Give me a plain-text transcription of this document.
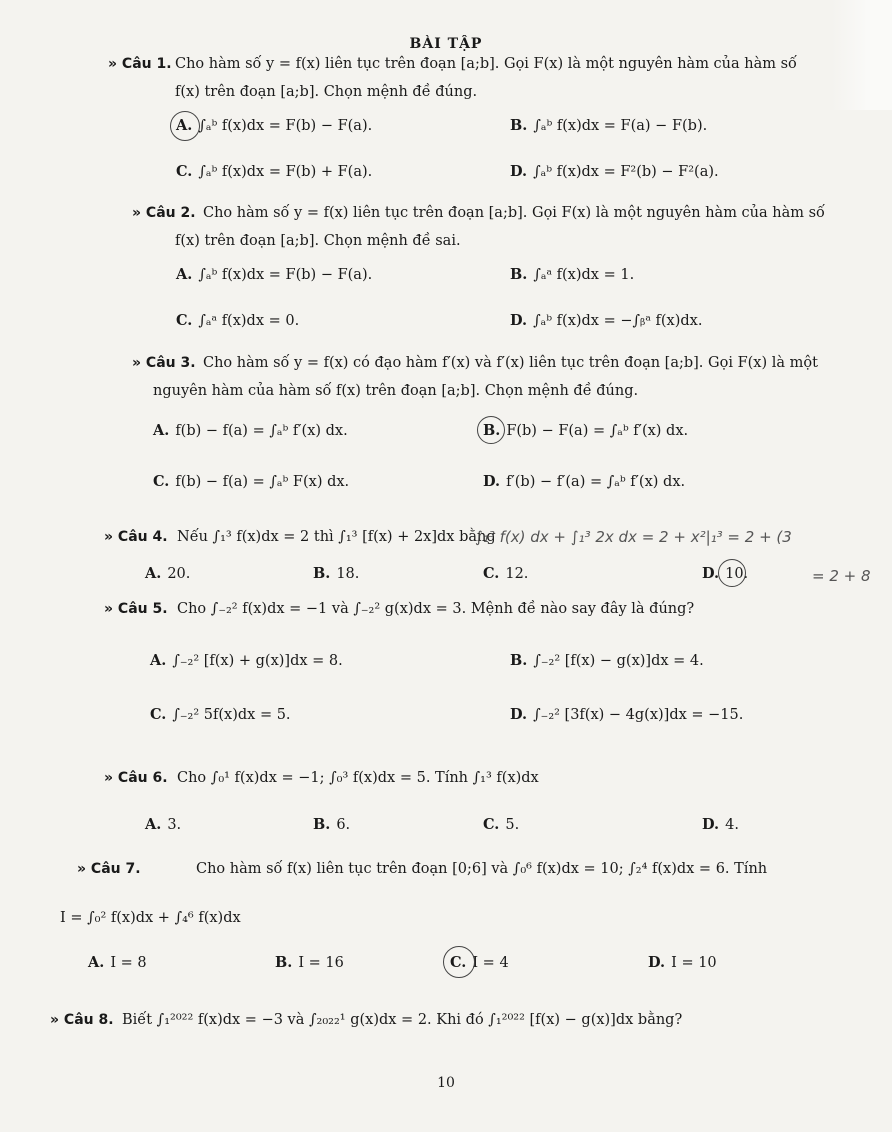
BÀI TẬP
» Câu 1. Cho hàm số y = f(x) liên tục trên đoạn [a;b]. Gọi F(x) là một nguyên hàm của hàm số
f(x) trên đoạn [a;b]. Chọn mệnh đề đúng.
A. ∫ₐᵇ f(x)dx = F(b) − F(a).	B. ∫ₐᵇ f(x)dx = F(a) − F(b).
C. ∫ₐᵇ f(x)dx = F(b) + F(a).	D. ∫ₐᵇ f(x)dx = F²(b) − F²(a).
» Câu 2. Cho hàm số y = f(x) liên tục trên đoạn [a;b]. Gọi F(x) là một nguyên hàm của hàm số
f(x) trên đoạn [a;b]. Chọn mệnh đề sai.
A. ∫ₐᵇ f(x)dx = F(b) − F(a).	B. ∫ₐᵃ f(x)dx = 1.
C. ∫ₐᵃ f(x)dx = 0.	D. ∫ₐᵇ f(x)dx = −∫ᵦᵃ f(x)dx.
» Câu 3. Cho hàm số y = f(x) có đạo hàm f′(x) và f′(x) liên tục trên đoạn [a;b]. Gọi F(x) là một
nguyên hàm của hàm số f(x) trên đoạn [a;b]. Chọn mệnh đề đúng.
A. f(b) − f(a) = ∫ₐᵇ f′(x) dx.	B. F(b) − F(a) = ∫ₐᵇ f′(x) dx.
C. f(b) − f(a) = ∫ₐᵇ F(x) dx.	D. f′(b) − f′(a) = ∫ₐᵇ f′(x) dx.
» Câu 4. Nếu ∫₁³ f(x)dx = 2 thì ∫₁³ [f(x) + 2x]dx bằng
∫₁³ f(x) dx + ∫₁³ 2x dx = 2 + x²|₁³ = 2 + (3
= 2 + 8
A. 20.	B. 18.	C. 12.	D. 10.
» Câu 5. Cho ∫₋₂² f(x)dx = −1 và ∫₋₂² g(x)dx = 3. Mệnh đề nào say đây là đúng?
A. ∫₋₂² [f(x) + g(x)]dx = 8.	B. ∫₋₂² [f(x) − g(x)]dx = 4.
C. ∫₋₂² 5f(x)dx = 5.	D. ∫₋₂² [3f(x) − 4g(x)]dx = −15.
» Câu 6. Cho ∫₀¹ f(x)dx = −1; ∫₀³ f(x)dx = 5. Tính ∫₁³ f(x)dx
A. 3.	B. 6.	C. 5.	D. 4.
» Câu 7.	Cho hàm số f(x) liên tục trên đoạn [0;6] và ∫₀⁶ f(x)dx = 10; ∫₂⁴ f(x)dx = 6. Tính
I = ∫₀² f(x)dx + ∫₄⁶ f(x)dx
A. I = 8	B. I = 16	C. I = 4	D. I = 10
» Câu 8. Biết ∫₁²⁰²² f(x)dx = −3 và ∫₂₀₂₂¹ g(x)dx = 2. Khi đó ∫₁²⁰²² [f(x) − g(x)]dx bằng?
10
